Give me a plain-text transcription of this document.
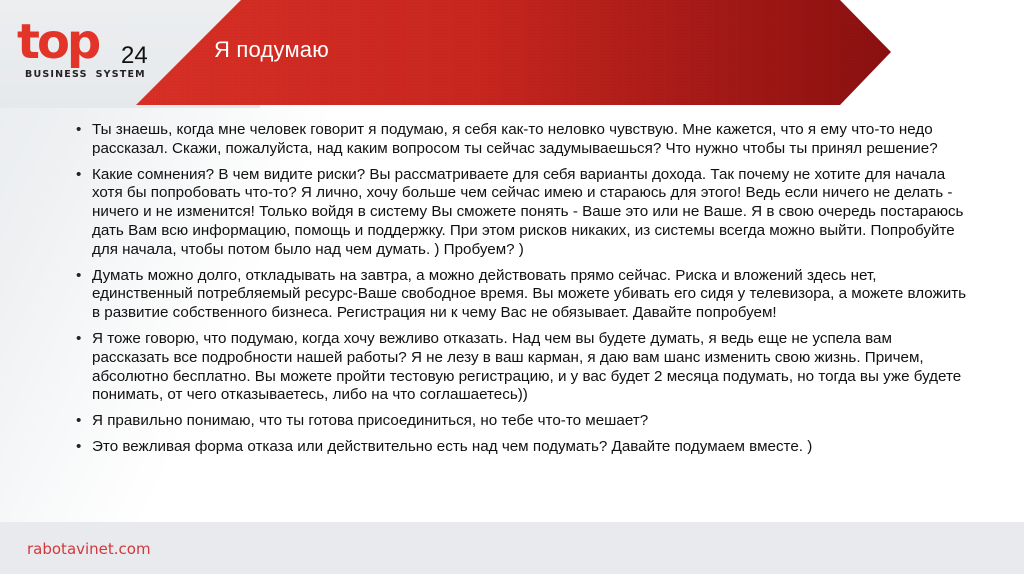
top 24
BUSINESS SYSTEM
Я подумаю
• Ты знаешь, когда мне человек говорит я подумаю, я себя как-то неловко чувствую. Мне кажется, что я ему что-то недо рассказал. Скажи, пожалуйста, над каким вопросом ты сейчас задумываешься? Что нужно чтобы ты принял решение?
• Какие сомнения? В чем видите риски? Вы рассматриваете для себя варианты дохода. Так почему не хотите для начала хотя бы попробовать что-то? Я лично, хочу больше чем сейчас имею и стараюсь для этого! Ведь если ничего не делать - ничего и не изменится! Только войдя в систему Вы сможете понять - Ваше это или не Ваше. Я в свою очередь постараюсь дать Вам всю информацию, помощь и поддержку. При этом рисков никаких, из системы всегда можно выйти. Попробуйте для начала, чтобы потом было над чем думать. ) Пробуем? )
• Думать можно долго, откладывать на завтра, а можно действовать прямо сейчас. Риска и вложений здесь нет, единственный потребляемый ресурс-Ваше свободное время. Вы можете убивать его сидя у телевизора, а можете вложить в развитие собственного бизнеса. Регистрация ни к чему Вас не обязывает. Давайте попробуем!
• Я тоже говорю, что подумаю, когда хочу вежливо отказать. Над чем вы будете думать, я ведь еще не успела вам рассказать все подробности нашей работы? Я не лезу в ваш карман, я даю вам шанс изменить свою жизнь. Причем, абсолютно бесплатно. Вы можете пройти тестовую регистрацию, и у вас будет 2 месяца подумать, но тогда вы уже будете понимать, от чего отказываетесь, либо на что соглашаетесь))
• Я правильно понимаю, что ты готова присоединиться, но тебе что-то мешает?
• Это вежливая форма отказа или действительно есть над чем подумать? Давайте подумаем вместе. )
rabotavinet.com
